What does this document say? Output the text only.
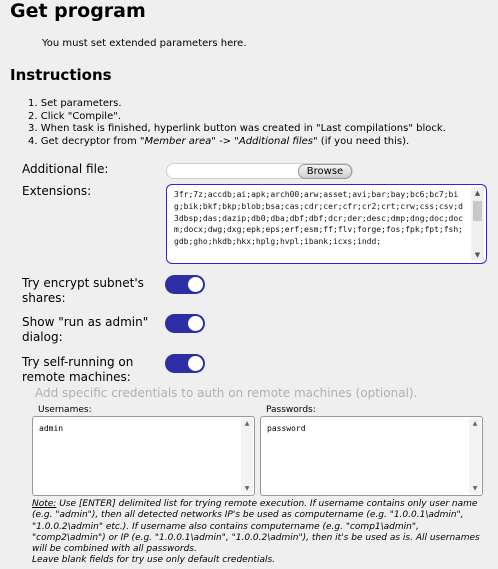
Get program
You must set extended parameters here.
Instructions
1. Set parameters.
2. Click "Compile".
3. When task is finished, hyperlink button was created in "Last compilations" block.
4. Get decryptor from "Member area" -> "Additional files" (if you need this).
Additional file:	Browse
Extensions:	3fr;7z;accdb;ai;apk;arch00;arw;asset;avi;bar;bay;bc6;bc7;big;bik;bkf;bkp;blob;bsa;cas;cdr;cer;cfr;cr2;crt;crw;css;csv;d3dbsp;das;dazip;db0;dba;dbf;dbf;dcr;der;desc;dmp;dng;doc;docm;docx;dwg;dxg;epk;eps;erf;esm;ff;flv;forge;fos;fpk;fpt;fsh;gdb;gho;hkdb;hkx;hplg;hvpl;ibank;icxs;indd;
▲
▼
Try encrypt subnet's
shares:
Show "run as admin"
dialog:
Try self-running on
remote machines:
Add specific credentials to auth on remote machines (optional).
Usernames:
admin
▲
▼
Passwords:
password
▲
▼
Note: Use [ENTER] delimited list for trying remote execution. If username contains only user name (e.g. "admin"), then all detected networks IP's be used as computername (e.g. "1.0.0.1\admin", "1.0.0.2\admin" etc.). If username also contains computername (e.g. "comp1\admin", "comp2\admin") or IP (e.g. "1.0.0.1\admin", "1.0.0.2\admin"), then it's be used as is. All usernames will be combined with all passwords.
Leave blank fields for try use only default credentials.
